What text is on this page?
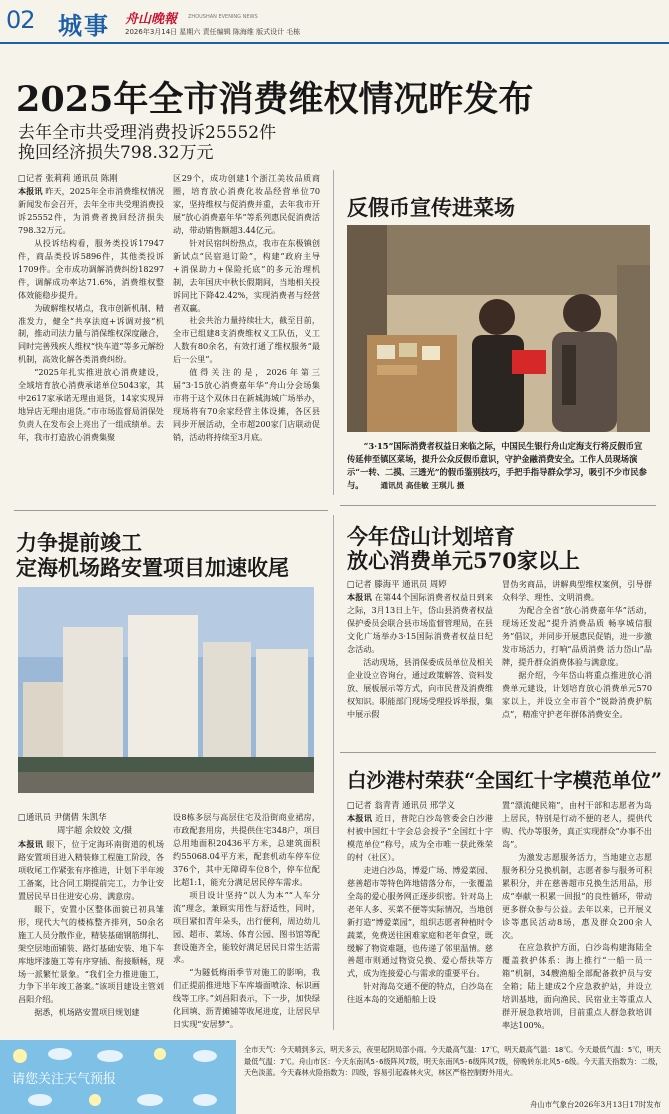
02 城事 舟山晚報 ZHOUSHAN EVENING NEWS
2026年3月14日 星期六 责任编辑 陈海维 版式设计 毛栋
2025年全市消费维权情况昨发布
去年全市共受理消费投诉25552件
挽回经济损失798.32万元
□记者 张莉莉 通讯员 陈刚

本报讯 昨天，2025年全市消费维权情况新闻发布会召开，去年全市共受理消费投诉25552件，为消费者挽回经济损失798.32万元。

从投诉结构看，服务类投诉17947件，商品类投诉5896件，其他类投诉1709件。全市成功调解消费纠纷18297件，调解成功率达71.6%，消费维权整体效能稳步提升。

为破解维权堵点，我市创新机制、精准发力，健全“共享法庭+诉调对接”机制，推动司法力量与消保维权深度融合，同时完善残疾人维权“快车道”等多元解纷机制，高效化解各类消费纠纷。

“2025年扎实推进放心消费建设，全域培育放心消费承诺单位5043家，其中2617家承诺无理由退货，14家实现异地异店无理由退货。”市市场监督局消保处负责人在发布会上亮出了一组成绩单。去年，我市打造放心消费集聚

区29个，成功创建1个浙江美妆品质商圈，培育放心消费化妆品经营单位70家，坚持维权与促消费并重，去年我市开展“放心消费嘉年华”等系列惠民促消费活动，带动销售额超3.44亿元。

针对民宿纠纷热点，我市在东极镇创新试点“民宿退订险”，构建“政府主导+消保助力+保险托底”的多元治理机制，去年国庆中秋长假期间，当地相关投诉同比下降42.42%，实现消费者与经营者双赢。

社会共治力量持续壮大，截至目前，全市已组建8支消费维权义工队伍，义工人数有80余名，有效打通了维权服务“最后一公里”。

值得关注的是，2026年第三届“3·15放心消费嘉年华”舟山分会场集市将于这个双休日在新城海城广场举办，现场将有70余家经营主体设摊，各区县同步开展活动，全市超200家门店联动促销，活动将持续至3月底。

反假币宣传进菜场
“3·15”国际消费者权益日来临之际，中国民生银行舟山定海支行将反假币宣传延伸至镇区菜场，提升公众反假币意识，守护金融消费安全。工作人员现场演示“一转、二摸、三透光”的假币鉴别技巧，手把手指导群众学习，吸引不少市民参与。 通讯员 高佳敏 王琪儿 摄
力争提前竣工
定海机场路安置项目加速收尾
□通讯员 尹儒倩 朱凯华
周宇超 余姣姣 文/摄

本报讯 眼下，位于定海环南街道的机场路安置项目进入精装修工程施工阶段，各项收尾工作紧张有序推进，计划下半年竣工备案，比合同工期提前完工，力争让安置居民早日住进安心房、满意房。

眼下，安置小区整体面貌已初具雏形，现代大气的楼栋整齐排列，50余名施工人员分散作业，精装基础钢筋绑扎、架空层地面铺装、路灯基础安装、地下车库地坪漆施工等有序穿插、衔接顺畅，现场一派繁忙景象。“我们全力推进施工，力争下半年竣工备案。”该项目建设主管刘昌阳介绍。

据悉，机场路安置项目规划建

设8栋多层与高层住宅及沿街商业裙房，市政配套用房，共提供住宅348户，项目总用地面积20436平方米，总建筑面积约55068.04平方米，配套机动车停车位376个，其中无障碍车位8个，停车位配比超1:1，能充分满足居民停车需求。

项目设计坚持“以人为本”“人车分流”理念，兼顾实用性与舒适性，同时，项目紧扣青年朵头，出行便利，周边幼儿园、超市、菜场、体育公园、图书馆等配套设施齐全，能较好满足居民日常生活需求。

“为隧低梅雨季节对施工的影响，我们正提前推进地下车库墙面喷涂、标识画线等工序。”刘昌阳表示，下一步，加快绿化回填、沥青摊铺等收尾进度，让居民早日实现“安居梦”。

今年岱山计划培育
放心消费单元570家以上
□记者 滕海平 通讯员 周婷

本报讯 在第44个国际消费者权益日到来之际，3月13日上午，岱山县消费者权益保护委员会联合县市场监督管理局，在县文化广场举办3·15国际消费者权益日纪念活动。

活动现场，县消保委成员单位及相关企业设立咨询台，通过政策解答、资料发放、展板展示等方式，向市民普及消费维权知识。职能部门现场受理投诉举报，集中展示假

冒伪劣商品，讲解典型维权案例，引导群众科学、理性、文明消费。

为配合全省“放心消费嘉年华”活动，现场还发起“提升消费品质 畅享城信服务”倡议，并同步开展惠民促销，进一步激发市场活力，打响“品质消费 活力岱山”品牌，提升群众消费体验与满意度。

据介绍，今年岱山将重点推进放心消费单元建设，计划培育放心消费单元570家以上，并设立全市首个“锐龄消费护航点”，精准守护老年群体消费安全。

白沙港村荣获“全国红十字模范单位”
□记者 翁青青 通讯员 邢学义

本报讯 近日，普陀白沙岛管委会白沙港村被中国红十字会总会授予“全国红十字模范单位”称号，成为全市唯一获此殊荣的村（社区）。

走进白沙岛，博爱广场、博爱菜园、慈善超市等特色阵地错落分布，一张覆盖全岛的爱心服务网正逐步织密。针对岛上老年人多、买菜不便等实际情况，当地创新打造“博爱菜园”，组织志愿者种植时令蔬菜，免费送往困难家庭和老年食堂，既缓解了物资难题，也传递了邻里温情。慈善超市则通过物资兑换、爱心帮扶等方式，成为连接爱心与需求的重要平台。

针对海岛交通不便的特点，白沙岛在往返本岛的交通船舶上设

置“漂流健民箱”，由村干部和志愿者为岛上居民，特别是行动不便的老人，提供代购、代办等服务，真正实现群众“办事不出岛”。

为激发志愿服务活力，当地建立志愿服务积分兑换机制，志愿者参与服务可积累积分，并在慈善超市兑换生活用品，形成“奉献一积累一回报”的良性循环，带动更多群众参与公益。去年以来，已开展义诊等惠民活动8场，惠及群众200余人次。

在应急救护方面，白沙岛构建海陆全覆盖救护体系：海上推行“一船一员一箱”机制，34艘渔船全部配备救护员与安全箱；陆上建成2个应急救护站，并设立培训基地，面向渔民、民宿业主等重点人群开展急救培训，目前重点人群急救培训率达100%。

请您关注天气预报
全市天气：今天晴到多云，明天多云，夜里起阴局部小雨。今天最高气温：17℃，明天最高气温：18℃。今天最低气温：5℃，明天最低气温：7℃。舟山市区：今天东南风5-6级阵风7级，明天东南风5-6级阵风7级，傍晚转东北风5-6级。今天蓝天指数为：二级，天色淡蓝。今天森林火险指数为：四级，容易引起森林火灾，林区严格控制野外用火。
舟山市气象台2026年3月13日17时发布
